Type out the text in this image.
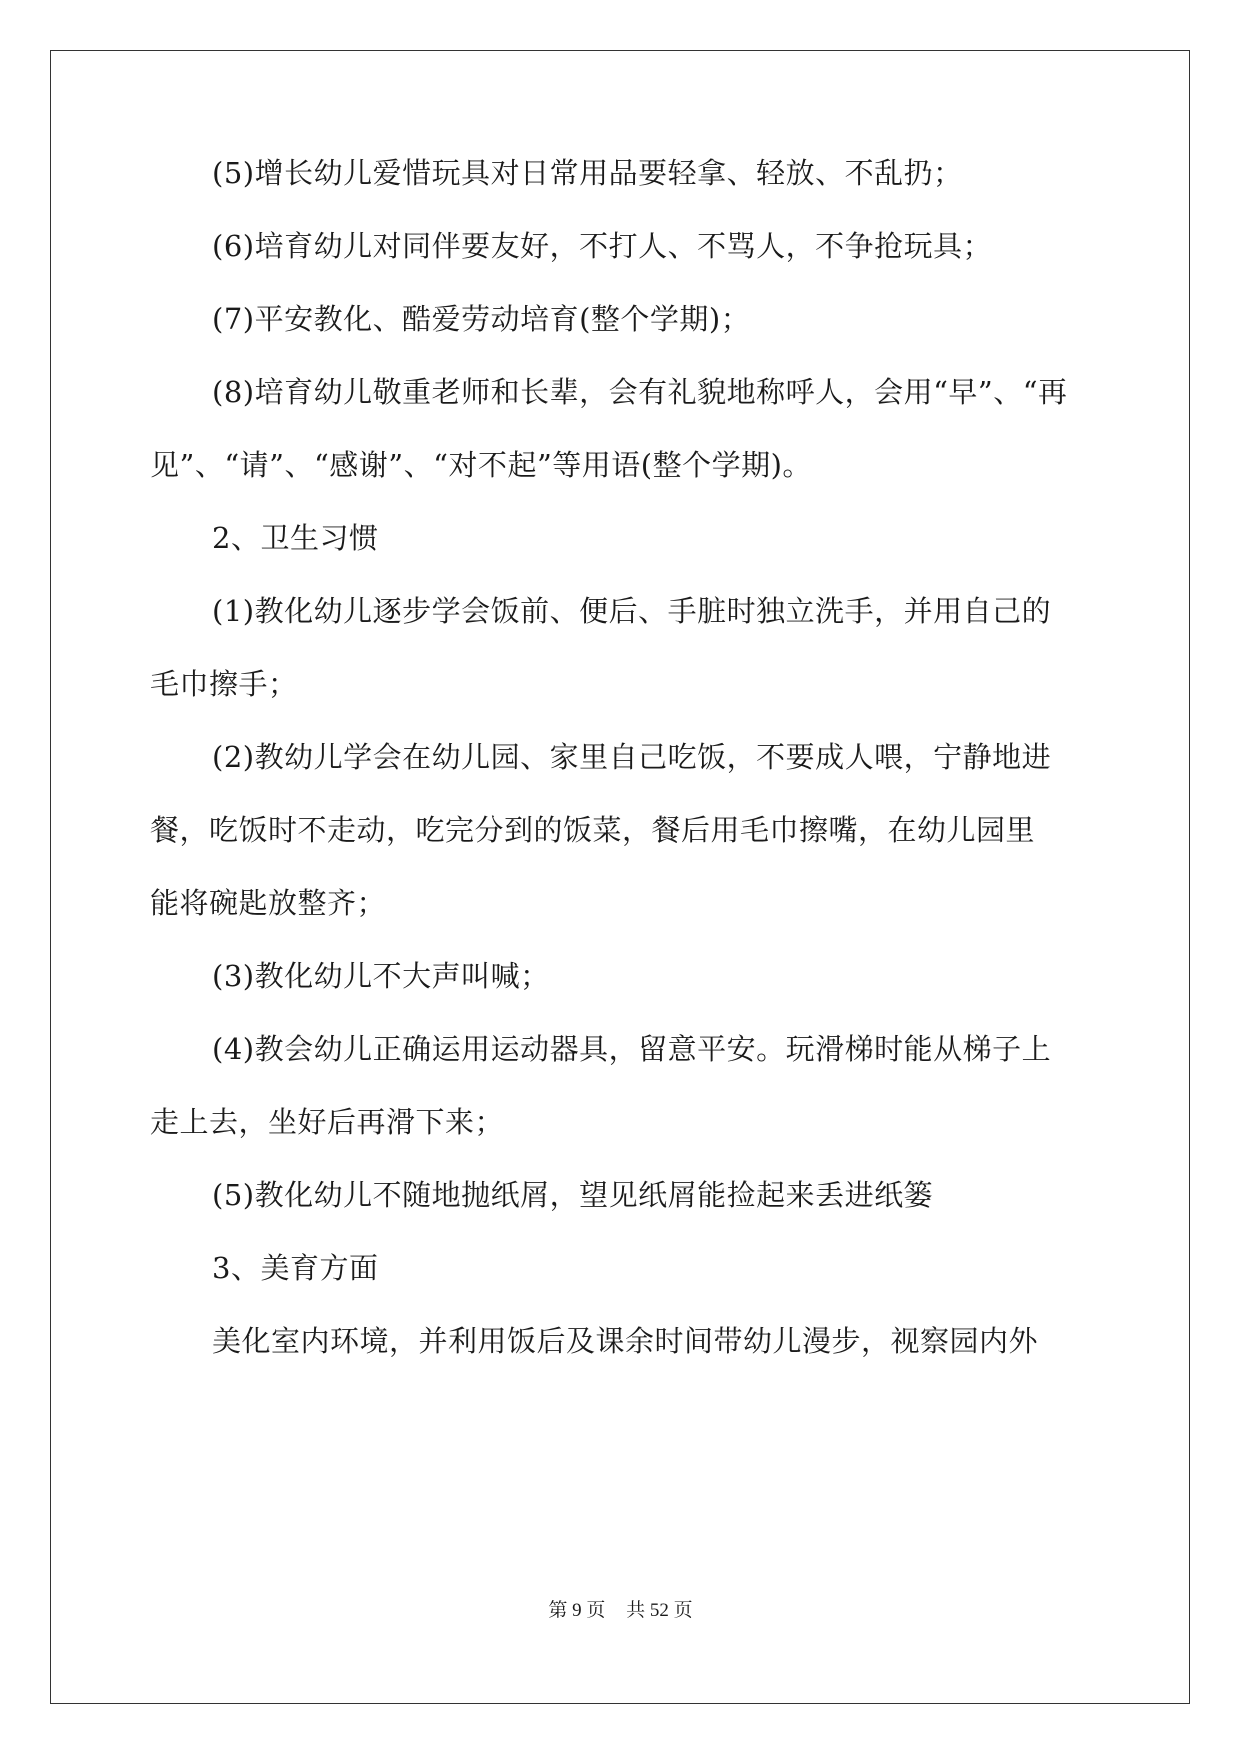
(5)增长幼儿爱惜玩具对日常用品要轻拿、轻放、不乱扔；
(6)培育幼儿对同伴要友好，不打人、不骂人，不争抢玩具；
(7)平安教化、酷爱劳动培育(整个学期)；
(8)培育幼儿敬重老师和长辈，会有礼貌地称呼人，会用“早”、“再
见”、“请”、“感谢”、“对不起”等用语(整个学期)。
2、卫生习惯
(1)教化幼儿逐步学会饭前、便后、手脏时独立洗手，并用自己的
毛巾擦手；
(2)教幼儿学会在幼儿园、家里自己吃饭，不要成人喂，宁静地进
餐，吃饭时不走动，吃完分到的饭菜，餐后用毛巾擦嘴，在幼儿园里
能将碗匙放整齐；
(3)教化幼儿不大声叫喊；
(4)教会幼儿正确运用运动器具，留意平安。玩滑梯时能从梯子上
走上去，坐好后再滑下来；
(5)教化幼儿不随地抛纸屑，望见纸屑能捡起来丢进纸篓
3、美育方面
美化室内环境，并利用饭后及课余时间带幼儿漫步，视察园内外
第 9 页 共 52 页
